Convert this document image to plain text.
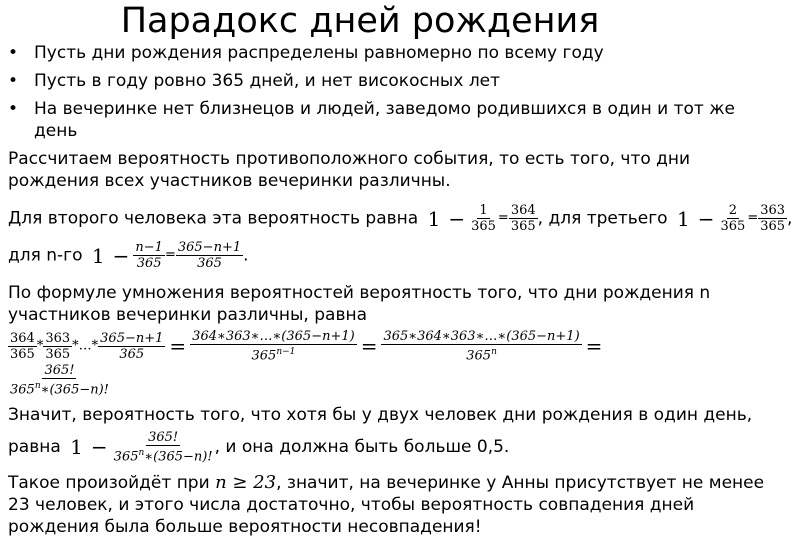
Парадокс дней рождения
• Пусть дни рождения распределены равномерно по всему году
• Пусть в году ровно 365 дней, и нет високосных лет
• На вечеринке нет близнецов и людей, заведомо родившихся в один и тот же
день
Рассчитаем вероятность противоположного события, то есть того, что дни
рождения всех участников вечеринки различны.
Для второго человека эта вероятность равна $1 - \frac{1}{365} = \frac{364}{365}$ , для третьего $1 - \frac{2}{365} = \frac{363}{365}$ ,
для n-го $1 - \frac{n-1}{365} = \frac{365-n+1}{365}$ .
По формуле умножения вероятностей вероятность того, что дни рождения n
участников вечеринки различны, равна
$\frac{364}{365} * \frac{363}{365}$ *…* $\frac{365-n+1}{365} = \frac{364∗363∗\dots∗(365-n+1)}{365^{n-1}} = \frac{365∗364∗363∗\dots∗(365-n+1)}{365^n}$ =
$\frac{365!}{365^n∗(365-n)!}$
Значит, вероятность того, что хотя бы у двух человек дни рождения в один день,
равна $1 - \frac{365!}{365^n∗(365-n)!}$ , и она должна быть больше 0,5.
Такое произойдёт при n ≥ 23, значит, на вечеринке у Анны присутствует не менее
23 человек, и этого числа достаточно, чтобы вероятность совпадения дней
рождения была больше вероятности несовпадения!
